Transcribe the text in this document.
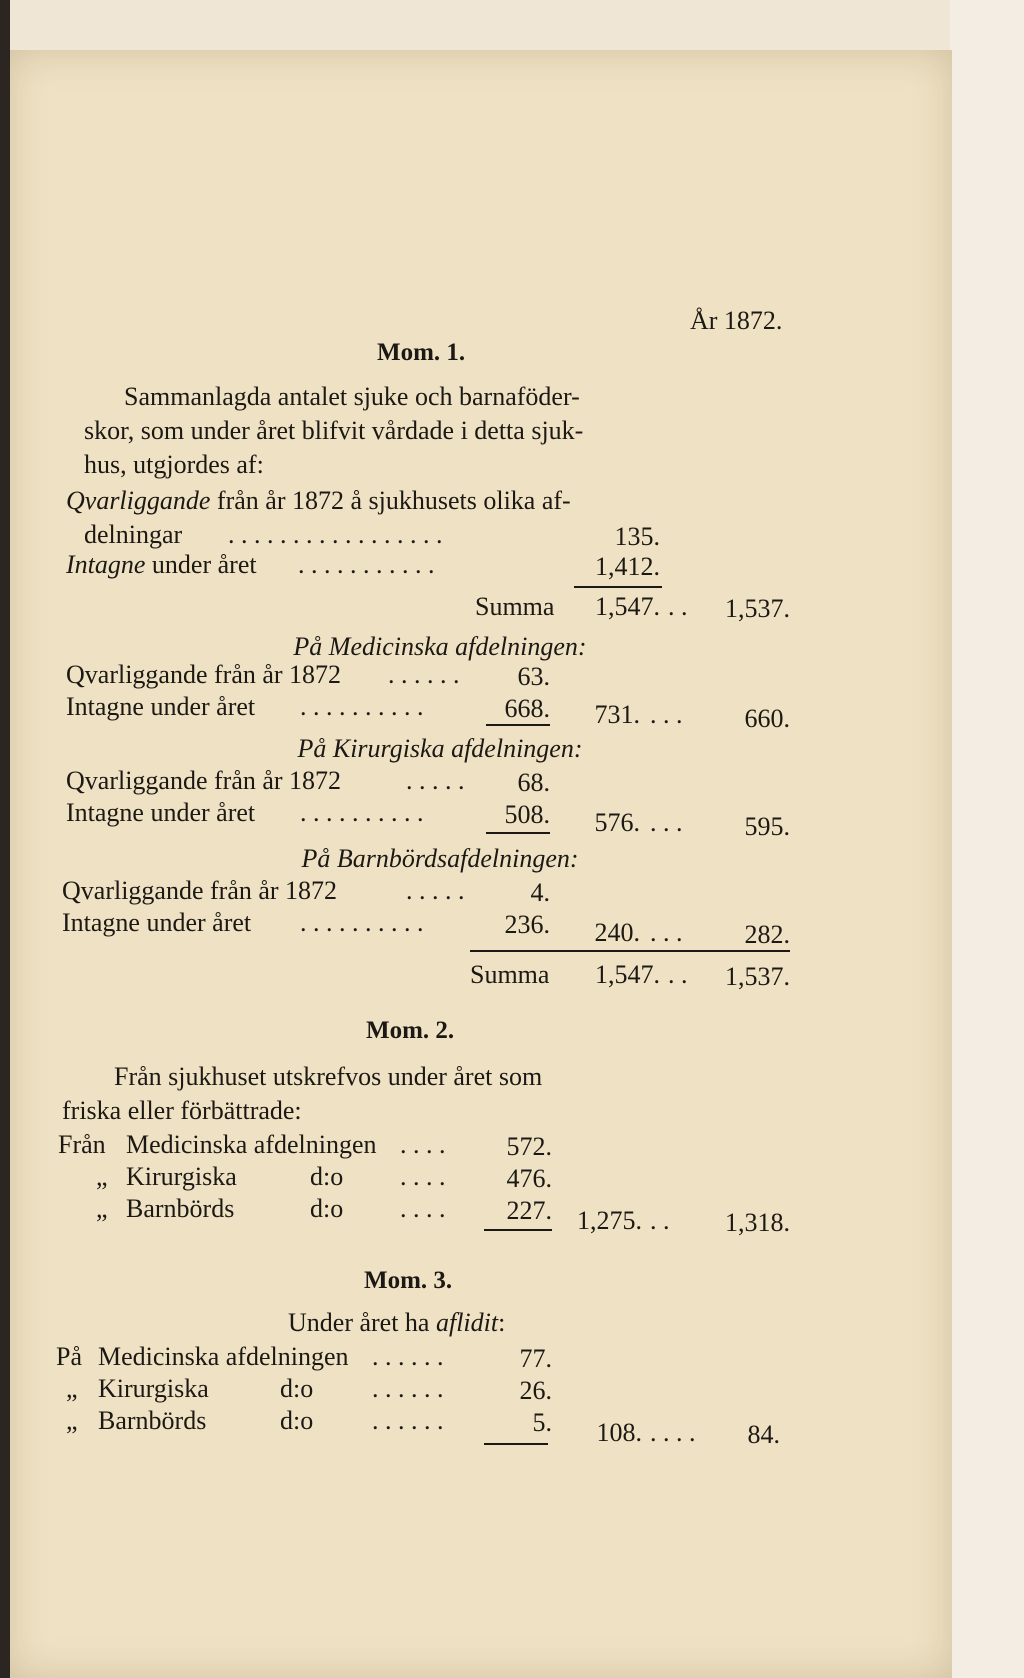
År 1872.
Mom. 1.
Sammanlagda antalet sjuke och barnaföder-
skor, som under året blifvit vårdade i detta sjuk-
hus, utgjordes af:
Qvarliggande från år 1872 å sjukhusets olika af-
delningar . . . . . . . . . . . . . . . . .	135.
Intagne under året . . . . . . . . . . .	1,412.
Summa	1,547. . .	1,537.
På Medicinska afdelningen:
Qvarliggande från år 1872 . . . . . .	63.
Intagne under året . . . . . . . . . .	668.	731. . . .	660.
På Kirurgiska afdelningen:
Qvarliggande från år 1872 . . . . .	68.
Intagne under året . . . . . . . . . .	508.	576. . . .	595.
På Barnbördsafdelningen:
Qvarliggande från år 1872	. . . . .	4.
Intagne under året . . . . . . . . . .	236.	240. . . .	282.
Summa	1,547. . .	1,537.
Mom. 2.
Från sjukhuset utskrefvos under året som
friska eller förbättrade:
Från Medicinska afdelningen . . . .	572.
„ Kirurgiska	d:o . . . .	476.
„ Barnbörds	d:o . . . .	227. 1,275. . .	1,318.
Mom. 3.
Under året ha aflidit:
På Medicinska afdelningen . . . . . .	77.
„ Kirurgiska	d:o . . . . . .	26.
„ Barnbörds	d:o . . . . . .	5.	108. . . . .	84.
